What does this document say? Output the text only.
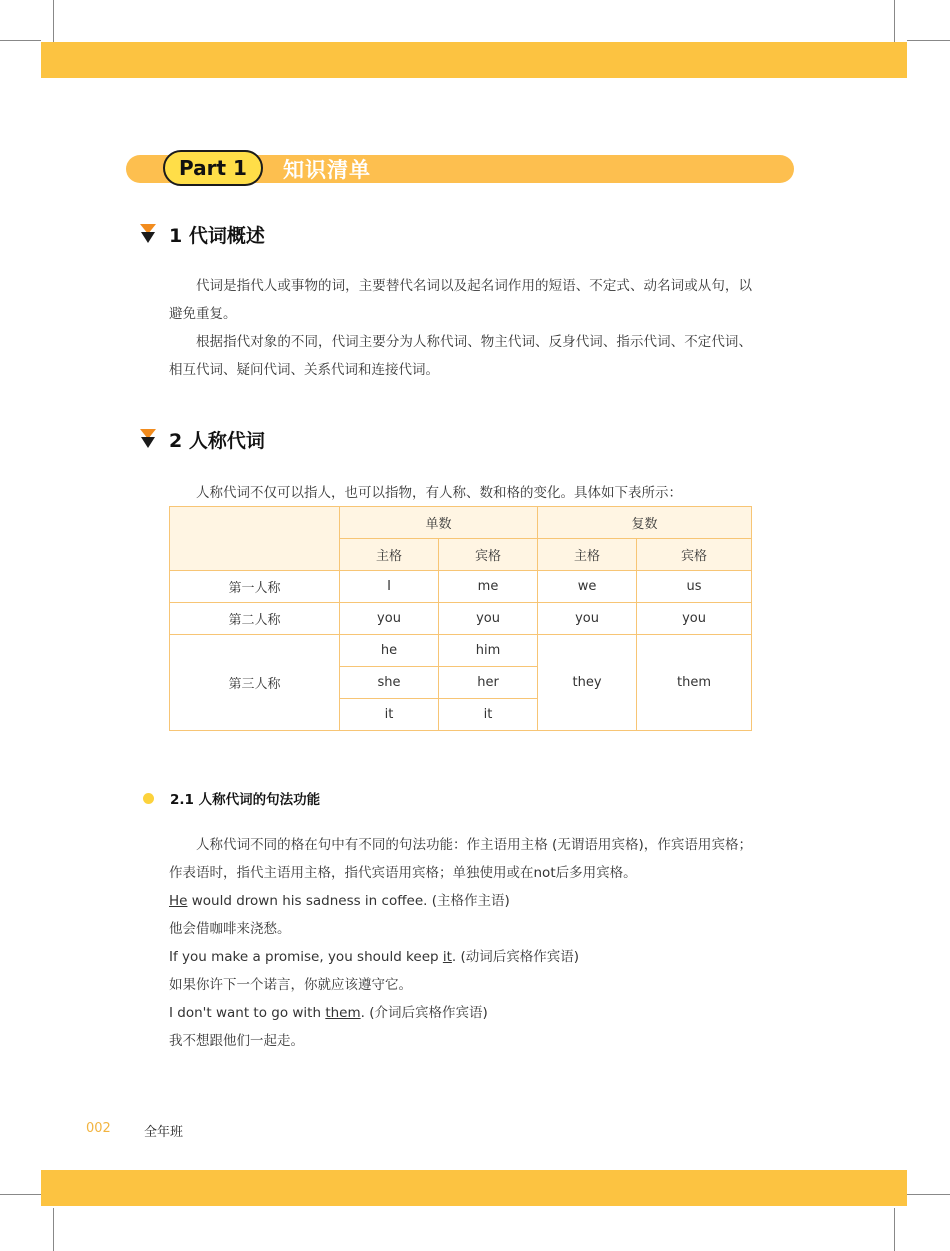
Part 1 知识清单
1 代词概述

代词是指代人或事物的词，主要替代名词以及起名词作用的短语、不定式、动名词或从句，以避免重复。

根据指代对象的不同，代词主要分为人称代词、物主代词、反身代词、指示代词、不定代词、相互代词、疑问代词、关系代词和连接代词。

2 人称代词

人称代词不仅可以指人，也可以指物，有人称、数和格的变化。具体如下表所示：

	单数		复数	
	主格	宾格	主格	宾格
第一人称	I	me	we	us
第二人称	you	you	you	you
第三人称	he	him	they	them
	she	her		
	it	it		
2.1 人称代词的句法功能

人称代词不同的格在句中有不同的句法功能：作主语用主格 (无谓语用宾格)，作宾语用宾格；作表语时，指代主语用主格，指代宾语用宾格；单独使用或在not后多用宾格。

He would drown his sadness in coffee. (主格作主语)

他会借咖啡来浇愁。

If you make a promise, you should keep it. (动词后宾格作宾语)

如果你许下一个诺言，你就应该遵守它。

I don't want to go with them. (介词后宾格作宾语)

我不想跟他们一起走。

002	全年班
